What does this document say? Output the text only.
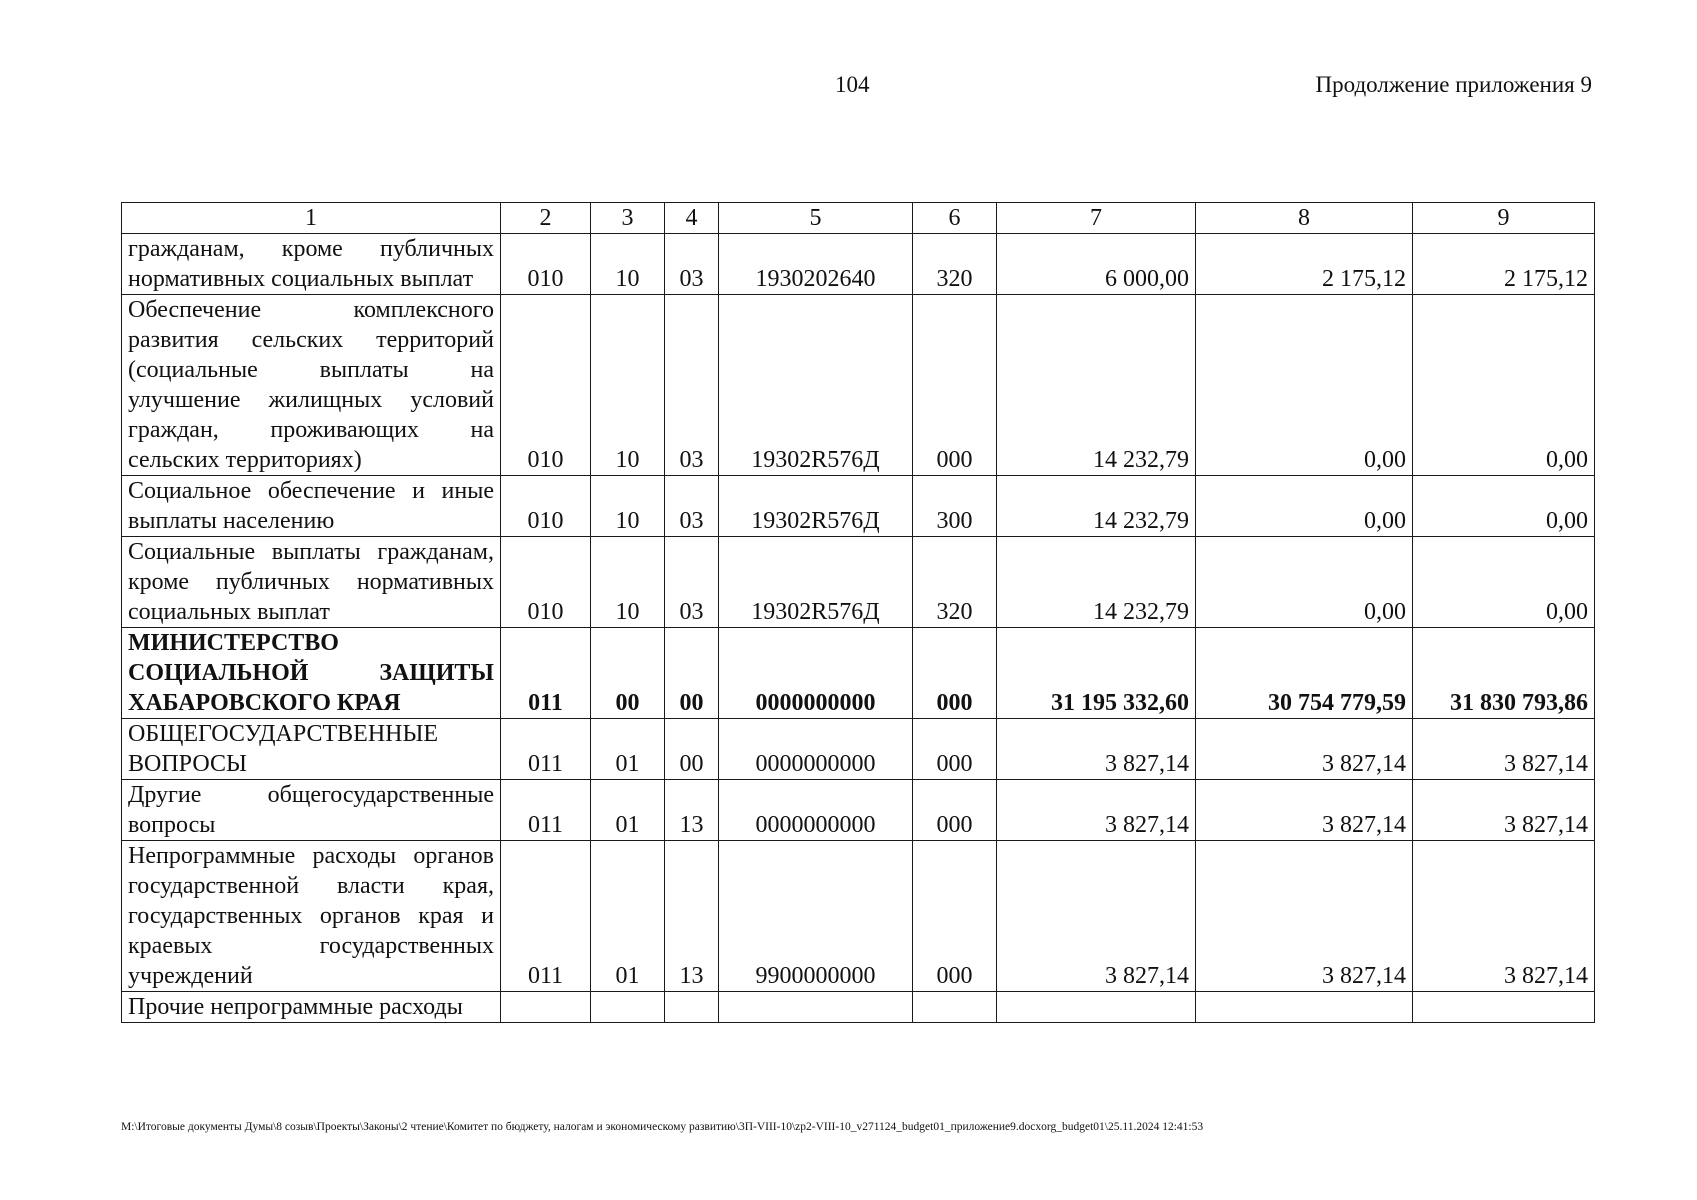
104	Продолжение приложения 9
1	2	3	4	5	6	7	8	9
гражданам, кроме публичных нормативных социальных выплат	010	10	03	1930202640	320	6 000,00	2 175,12	2 175,12
Обеспечение комплексного развития сельских территорий (социальные выплаты на улучшение жилищных условий граждан, проживающих на сельских территориях)	010	10	03	19302R576Д	000	14 232,79	0,00	0,00
Социальное обеспечение и иные выплаты населению	010	10	03	19302R576Д	300	14 232,79	0,00	0,00
Социальные выплаты гражданам, кроме публичных нормативных социальных выплат	010	10	03	19302R576Д	320	14 232,79	0,00	0,00
МИНИСТЕРСТВО СОЦИАЛЬНОЙ ЗАЩИТЫ ХАБАРОВСКОГО КРАЯ	011	00	00	0000000000	000	31 195 332,60	30 754 779,59	31 830 793,86
ОБЩЕГОСУДАРСТВЕННЫЕ ВОПРОСЫ	011	01	00	0000000000	000	3 827,14	3 827,14	3 827,14
Другие общегосударственные вопросы	011	01	13	0000000000	000	3 827,14	3 827,14	3 827,14
Непрограммные расходы органов государственной власти края, государственных органов края и краевых государственных учреждений	011	01	13	9900000000	000	3 827,14	3 827,14	3 827,14
Прочие непрограммные расходы								
М:\Итоговые документы Думы\8 созыв\Проекты\Законы\2 чтение\Комитет по бюджету, налогам и экономическому развитию\3П-VIII-10\zp2-VIII-10_v271124_budget01_приложение9.docxorg_budget01\25.11.2024 12:41:53
